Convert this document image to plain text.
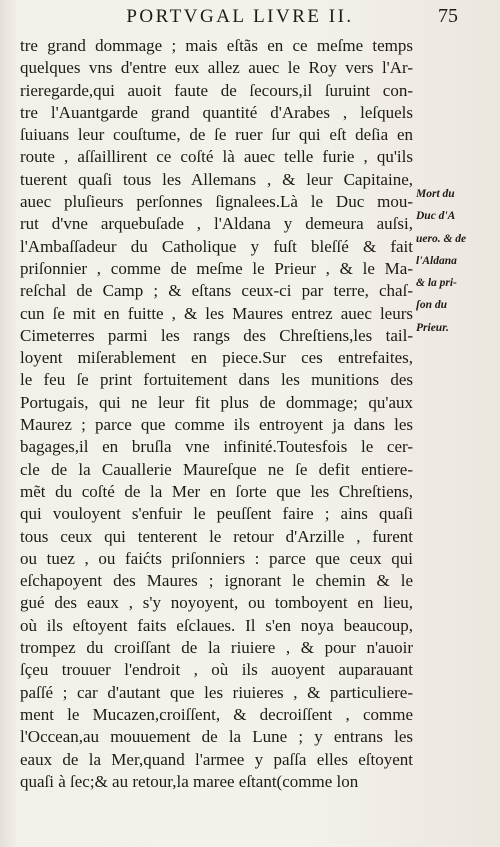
PORTVGAL LIVRE II.	75
tre grand dommage ; mais eſtãs en ce meſme temps
quelques vns d'entre eux allez auec le Roy vers l'Ar-
rieregarde,qui auoit faute de ſecours,il ſuruint con-
tre l'Auantgarde grand quantité d'Arabes , leſquels
ſuiuans leur couſtume, de ſe ruer ſur qui eſt deſia en
route , aſſaillirent ce coſté là auec telle furie , qu'ils
tuerent quaſi tous les Allemans , & leur Capitaine,
auec pluſieurs perſonnes ſignalees.Là le Duc mou-
rut d'vne arquebuſade , l'Aldana y demeura auſsi,
l'Ambaſſadeur du Catholique y fuſt bleſſé & fait
priſonnier , comme de meſme le Prieur , & le Ma-
reſchal de Camp ; & eſtans ceux-ci par terre, chaſ-
cun ſe mit en fuitte , & les Maures entrez auec leurs
Cimeterres parmi les rangs des Chreſtiens,les tail-
loyent miſerablement en piece.Sur ces entrefaites,
le feu ſe print fortuitement dans les munitions des
Portugais, qui ne leur fit plus de dommage; qu'aux
Maurez ; parce que comme ils entroyent ja dans les
bagages,il en bruſla vne infinité.Toutesfois le cer-
cle de la Cauallerie Maureſque ne ſe defit entiere-
mẽt du coſté de la Mer en ſorte que les Chreſtiens,
qui vouloyent s'enfuir le peuſſent faire ; ains quaſi
tous ceux qui tenterent le retour d'Arzille , furent
ou tuez , ou faićts priſonniers : parce que ceux qui
eſchapoyent des Maures ; ignorant le chemin & le
gué des eaux , s'y noyoyent, ou tomboyent en lieu,
où ils eſtoyent faits eſclaues. Il s'en noya beaucoup,
trompez du croiſſant de la riuiere , & pour n'auoir
ſçeu trouuer l'endroit , où ils auoyent auparauant
paſſé ; car d'autant que les riuieres , & particuliere-
ment le Mucazen,croiſſent, & decroiſſent , comme
l'Occean,au mouuement de la Lune ; y entrans les
eaux de la Mer,quand l'armee y paſſa elles eſtoyent
quaſi à ſec;& au retour,la maree eſtant(comme lon
Mort du
Duc d'A
uero. & de
l'Aldana
& la pri-
ſon du
Prieur.
